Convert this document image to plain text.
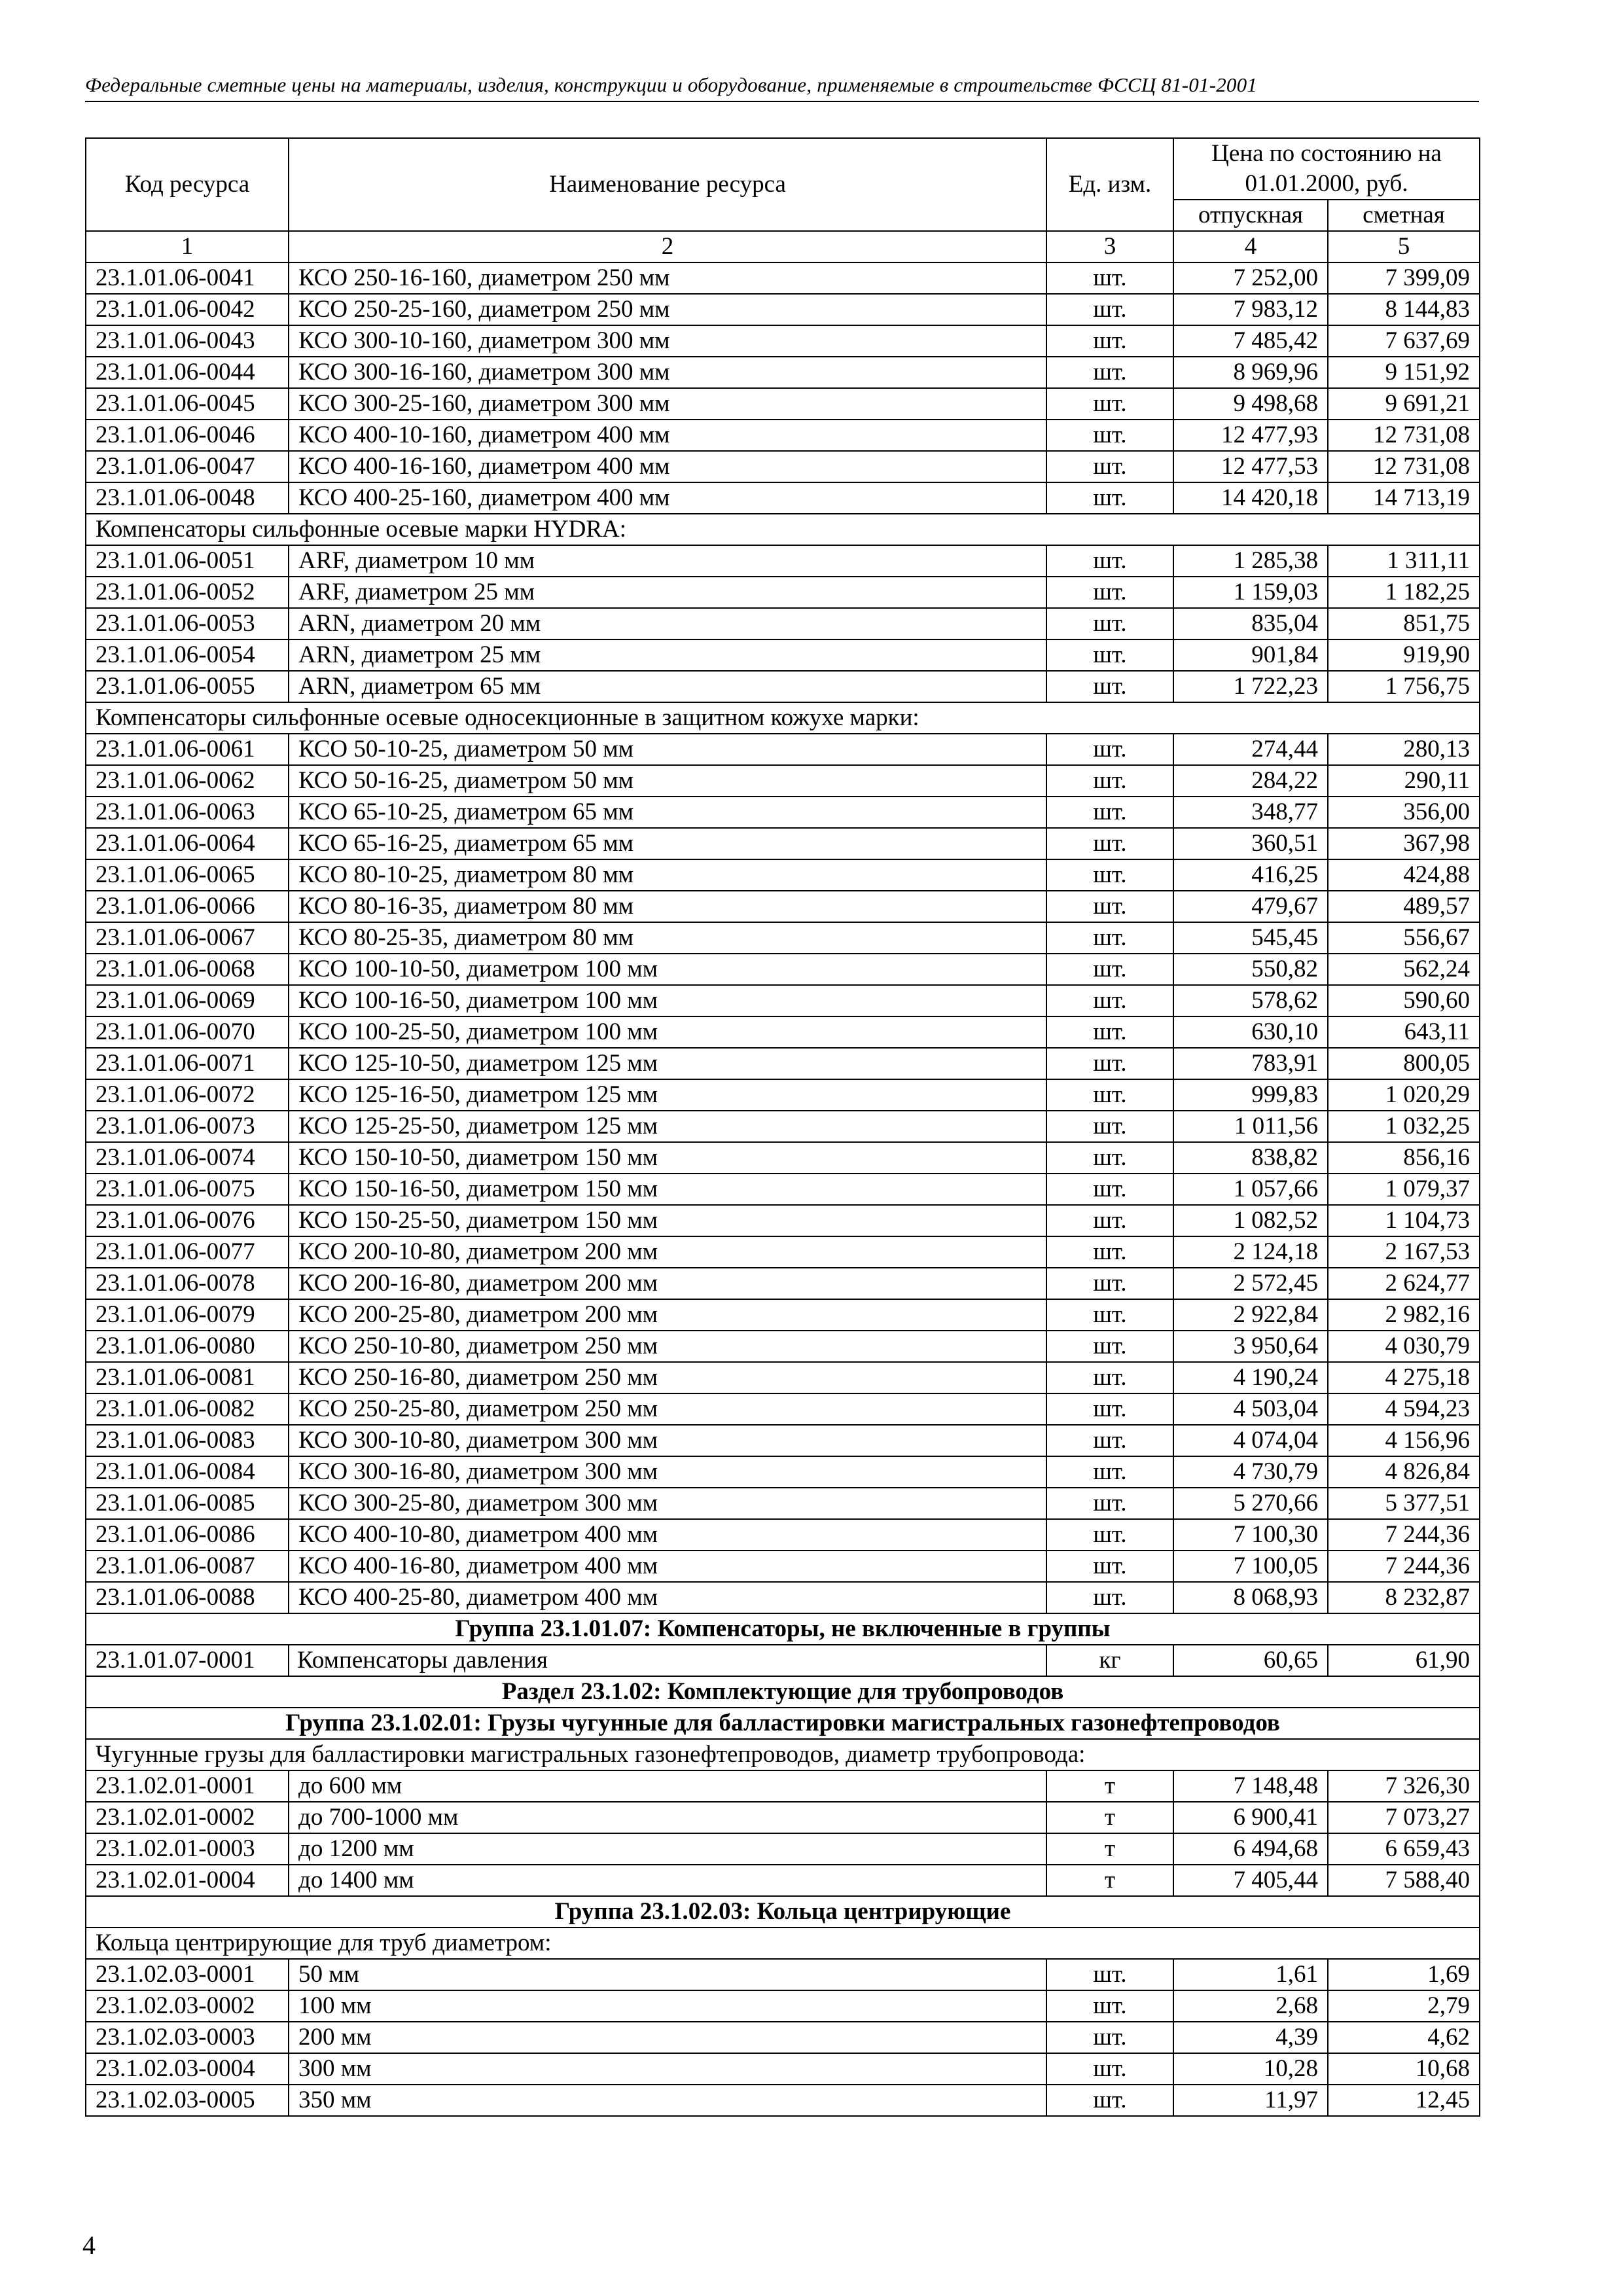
Федеральные сметные цены на материалы, изделия, конструкции и оборудование, применяемые в строительстве ФССЦ 81-01-2001
Код ресурса	Наименование ресурса	Ед. изм.	Цена по состоянию на 01.01.2000, руб.	
			отпускная	сметная
1	2	3	4	5
23.1.01.06-0041	КСО 250-16-160, диаметром 250 мм	шт.	7 252,00	7 399,09
23.1.01.06-0042	КСО 250-25-160, диаметром 250 мм	шт.	7 983,12	8 144,83
23.1.01.06-0043	КСО 300-10-160, диаметром 300 мм	шт.	7 485,42	7 637,69
23.1.01.06-0044	КСО 300-16-160, диаметром 300 мм	шт.	8 969,96	9 151,92
23.1.01.06-0045	КСО 300-25-160, диаметром 300 мм	шт.	9 498,68	9 691,21
23.1.01.06-0046	КСО 400-10-160, диаметром 400 мм	шт.	12 477,93	12 731,08
23.1.01.06-0047	КСО 400-16-160, диаметром 400 мм	шт.	12 477,53	12 731,08
23.1.01.06-0048	КСО 400-25-160, диаметром 400 мм	шт.	14 420,18	14 713,19
Компенсаторы сильфонные осевые марки HYDRA:				
23.1.01.06-0051	ARF, диаметром 10 мм	шт.	1 285,38	1 311,11
23.1.01.06-0052	ARF, диаметром 25 мм	шт.	1 159,03	1 182,25
23.1.01.06-0053	ARN, диаметром 20 мм	шт.	835,04	851,75
23.1.01.06-0054	ARN, диаметром 25 мм	шт.	901,84	919,90
23.1.01.06-0055	ARN, диаметром 65 мм	шт.	1 722,23	1 756,75
Компенсаторы сильфонные осевые односекционные в защитном кожухе марки:				
23.1.01.06-0061	КСО 50-10-25, диаметром 50 мм	шт.	274,44	280,13
23.1.01.06-0062	КСО 50-16-25, диаметром 50 мм	шт.	284,22	290,11
23.1.01.06-0063	КСО 65-10-25, диаметром 65 мм	шт.	348,77	356,00
23.1.01.06-0064	КСО 65-16-25, диаметром 65 мм	шт.	360,51	367,98
23.1.01.06-0065	КСО 80-10-25, диаметром 80 мм	шт.	416,25	424,88
23.1.01.06-0066	КСО 80-16-35, диаметром 80 мм	шт.	479,67	489,57
23.1.01.06-0067	КСО 80-25-35, диаметром 80 мм	шт.	545,45	556,67
23.1.01.06-0068	КСО 100-10-50, диаметром 100 мм	шт.	550,82	562,24
23.1.01.06-0069	КСО 100-16-50, диаметром 100 мм	шт.	578,62	590,60
23.1.01.06-0070	КСО 100-25-50, диаметром 100 мм	шт.	630,10	643,11
23.1.01.06-0071	КСО 125-10-50, диаметром 125 мм	шт.	783,91	800,05
23.1.01.06-0072	КСО 125-16-50, диаметром 125 мм	шт.	999,83	1 020,29
23.1.01.06-0073	КСО 125-25-50, диаметром 125 мм	шт.	1 011,56	1 032,25
23.1.01.06-0074	КСО 150-10-50, диаметром 150 мм	шт.	838,82	856,16
23.1.01.06-0075	КСО 150-16-50, диаметром 150 мм	шт.	1 057,66	1 079,37
23.1.01.06-0076	КСО 150-25-50, диаметром 150 мм	шт.	1 082,52	1 104,73
23.1.01.06-0077	КСО 200-10-80, диаметром 200 мм	шт.	2 124,18	2 167,53
23.1.01.06-0078	КСО 200-16-80, диаметром 200 мм	шт.	2 572,45	2 624,77
23.1.01.06-0079	КСО 200-25-80, диаметром 200 мм	шт.	2 922,84	2 982,16
23.1.01.06-0080	КСО 250-10-80, диаметром 250 мм	шт.	3 950,64	4 030,79
23.1.01.06-0081	КСО 250-16-80, диаметром 250 мм	шт.	4 190,24	4 275,18
23.1.01.06-0082	КСО 250-25-80, диаметром 250 мм	шт.	4 503,04	4 594,23
23.1.01.06-0083	КСО 300-10-80, диаметром 300 мм	шт.	4 074,04	4 156,96
23.1.01.06-0084	КСО 300-16-80, диаметром 300 мм	шт.	4 730,79	4 826,84
23.1.01.06-0085	КСО 300-25-80, диаметром 300 мм	шт.	5 270,66	5 377,51
23.1.01.06-0086	КСО 400-10-80, диаметром 400 мм	шт.	7 100,30	7 244,36
23.1.01.06-0087	КСО 400-16-80, диаметром 400 мм	шт.	7 100,05	7 244,36
23.1.01.06-0088	КСО 400-25-80, диаметром 400 мм	шт.	8 068,93	8 232,87
Группа 23.1.01.07: Компенсаторы, не включенные в группы				
23.1.01.07-0001	Компенсаторы давления	кг	60,65	61,90
Раздел 23.1.02: Комплектующие для трубопроводов				
Группа 23.1.02.01: Грузы чугунные для балластировки магистральных газонефтепроводов				
Чугунные грузы для балластировки магистральных газонефтепроводов, диаметр трубопровода:				
23.1.02.01-0001	до 600 мм	т	7 148,48	7 326,30
23.1.02.01-0002	до 700-1000 мм	т	6 900,41	7 073,27
23.1.02.01-0003	до 1200 мм	т	6 494,68	6 659,43
23.1.02.01-0004	до 1400 мм	т	7 405,44	7 588,40
Группа 23.1.02.03: Кольца центрирующие				
Кольца центрирующие для труб диаметром:				
23.1.02.03-0001	50 мм	шт.	1,61	1,69
23.1.02.03-0002	100 мм	шт.	2,68	2,79
23.1.02.03-0003	200 мм	шт.	4,39	4,62
23.1.02.03-0004	300 мм	шт.	10,28	10,68
23.1.02.03-0005	350 мм	шт.	11,97	12,45
4
